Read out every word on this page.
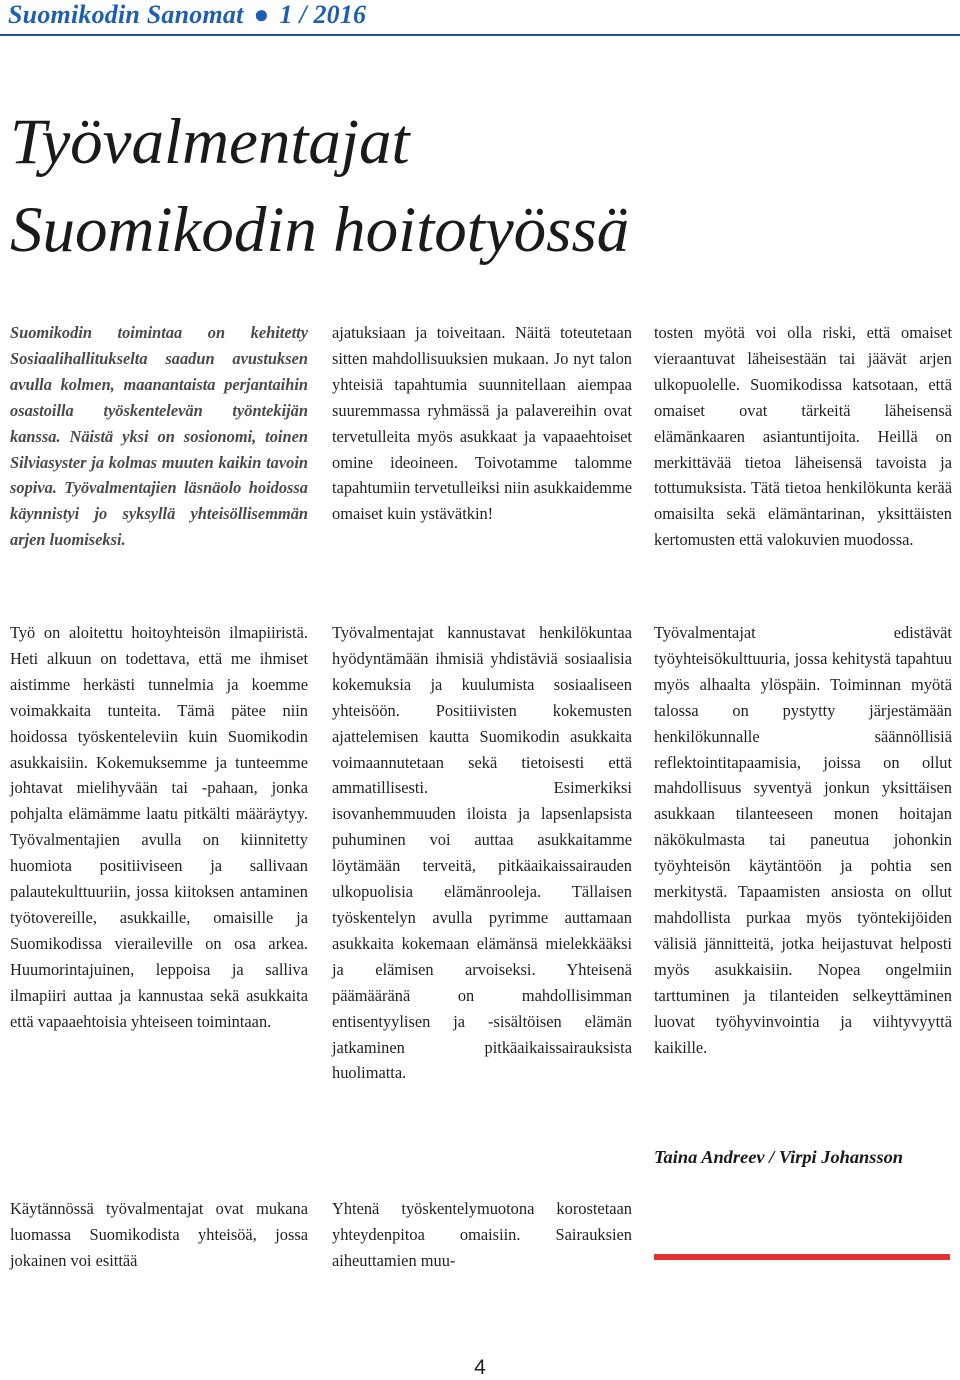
Suomikodin Sanomat ● 1 / 2016
Työvalmentajat
Suomikodin hoitotyössä
Suomikodin toimintaa on kehitetty Sosiaalihallitukselta saadun avustuksen avulla kolmen, maanantaista perjantaihin osastoilla työskentelevän työntekijän kanssa. Näistä yksi on sosionomi, toinen Silviasyster ja kolmas muuten kaikin tavoin sopiva. Työvalmentajien läsnäolo hoidossa käynnistyi jo syksyllä yhteisöllisemmän arjen luomiseksi.

Työ on aloitettu hoitoyhteisön ilmapiiristä. Heti alkuun on todettava, että me ihmiset aistimme herkästi tunnelmia ja koemme voimakkaita tunteita. Tämä pätee niin hoidossa työskenteleviin kuin Suomikodin asukkaisiin. Kokemuksemme ja tunteemme johtavat mielihyvään tai -pahaan, jonka pohjalta elämämme laatu pitkälti määräytyy. Työvalmentajien avulla on kiinnitetty huomiota positiiviseen ja sallivaan palautekulttuuriin, jossa kiitoksen antaminen työtovereille, asukkaille, omaisille ja Suomikodissa vieraileville on osa arkea. Huumorintajuinen, leppoisa ja salliva ilmapiiri auttaa ja kannustaa sekä asukkaita että vapaaehtoisia yhteiseen toimintaan.

Käytännössä työvalmentajat ovat mukana luomassa Suomikodista yhteisöä, jossa jokainen voi esittää

ajatuksiaan ja toiveitaan. Näitä toteutetaan sitten mahdollisuuksien mukaan. Jo nyt talon yhteisiä tapahtumia suunnitellaan aiempaa suuremmassa ryhmässä ja palavereihin ovat tervetulleita myös asukkaat ja vapaaehtoiset omine ideoineen. Toivotamme talomme tapahtumiin tervetulleiksi niin asukkaidemme omaiset kuin ystävätkin!

Työvalmentajat kannustavat henkilökuntaa hyödyntämään ihmisiä yhdistäviä sosiaalisia kokemuksia ja kuulumista sosiaaliseen yhteisöön. Positiivisten kokemusten ajattelemisen kautta Suomikodin asukkaita voimaannutetaan sekä tietoisesti että ammatillisesti. Esimerkiksi isovanhemmuuden iloista ja lapsenlapsista puhuminen voi auttaa asukkaitamme löytämään terveitä, pitkäaikaissairauden ulkopuolisia elämänrooleja. Tällaisen työskentelyn avulla pyrimme auttamaan asukkaita kokemaan elämänsä mielekkääksi ja elämisen arvoiseksi. Yhteisenä päämääränä on mahdollisimman entisentyylisen ja -sisältöisen elämän jatkaminen pitkäaikaissairauksista huolimatta.

Yhtenä työskentelymuotona korostetaan yhteydenpitoa omaisiin. Sairauksien aiheuttamien muu-

tosten myötä voi olla riski, että omaiset vieraantuvat läheisestään tai jäävät arjen ulkopuolelle. Suomikodissa katsotaan, että omaiset ovat tärkeitä läheisensä elämänkaaren asiantuntijoita. Heillä on merkittävää tietoa läheisensä tavoista ja tottumuksista. Tätä tietoa henkilökunta kerää omaisilta sekä elämäntarinan, yksittäisten kertomusten että valokuvien muodossa.

Työvalmentajat edistävät työyhteisökulttuuria, jossa kehitystä tapahtuu myös alhaalta ylöspäin. Toiminnan myötä talossa on pystytty järjestämään henkilökunnalle säännöllisiä reflektointitapaamisia, joissa on ollut mahdollisuus syventyä jonkun yksittäisen asukkaan tilanteeseen monen hoitajan näkökulmasta tai paneutua johonkin työyhteisön käytäntöön ja pohtia sen merkitystä. Tapaamisten ansiosta on ollut mahdollista purkaa myös työntekijöiden välisiä jännitteitä, jotka heijastuvat helposti myös asukkaisiin. Nopea ongelmiin tarttuminen ja tilanteiden selkeyttäminen luovat työhyvinvointia ja viihtyvyyttä kaikille.

Taina Andreev / Virpi Johansson
4
